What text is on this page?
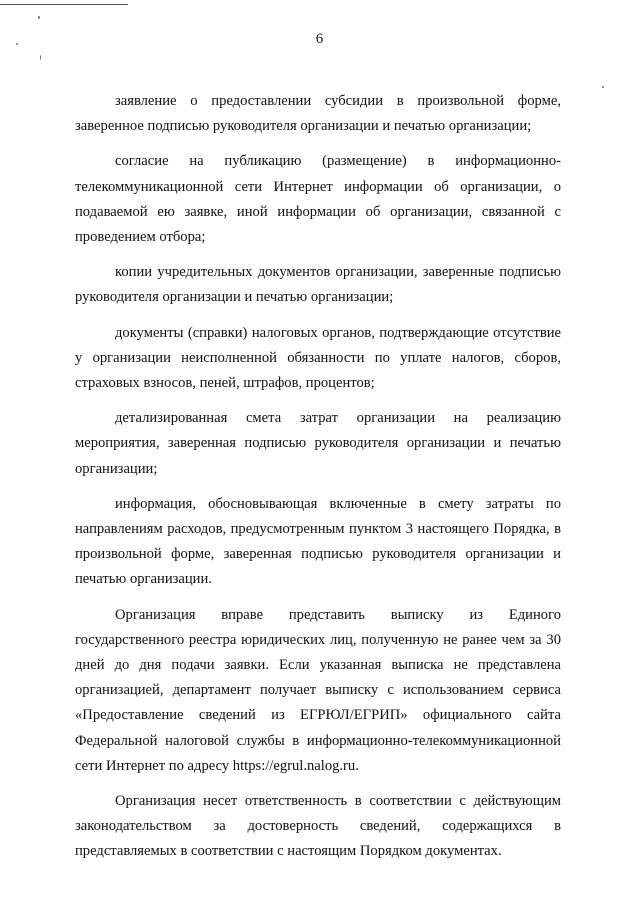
6

заявление о предоставлении субсидии в произвольной форме, заверенное подписью руководителя организации и печатью организации;

согласие на публикацию (размещение) в информационно-телекоммуникационной сети Интернет информации об организации, о подаваемой ею заявке, иной информации об организации, связанной с проведением отбора;

копии учредительных документов организации, заверенные подписью руководителя организации и печатью организации;

документы (справки) налоговых органов, подтверждающие отсутствие у организации неисполненной обязанности по уплате налогов, сборов, страховых взносов, пеней, штрафов, процентов;

детализированная смета затрат организации на реализацию мероприятия, заверенная подписью руководителя организации и печатью организации;

информация, обосновывающая включенные в смету затраты по направлениям расходов, предусмотренным пунктом 3 настоящего Порядка, в произвольной форме, заверенная подписью руководителя организации и печатью организации.

Организация вправе представить выписку из Единого государственного реестра юридических лиц, полученную не ранее чем за 30 дней до дня подачи заявки. Если указанная выписка не представлена организацией, департамент получает выписку с использованием сервиса «Предоставление сведений из ЕГРЮЛ/ЕГРИП» официального сайта Федеральной налоговой службы в информационно-телекоммуникационной сети Интернет по адресу https://egrul.nalog.ru.

Организация несет ответственность в соответствии с действующим законодательством за достоверность сведений, содержащихся в представляемых в соответствии с настоящим Порядком документах.
